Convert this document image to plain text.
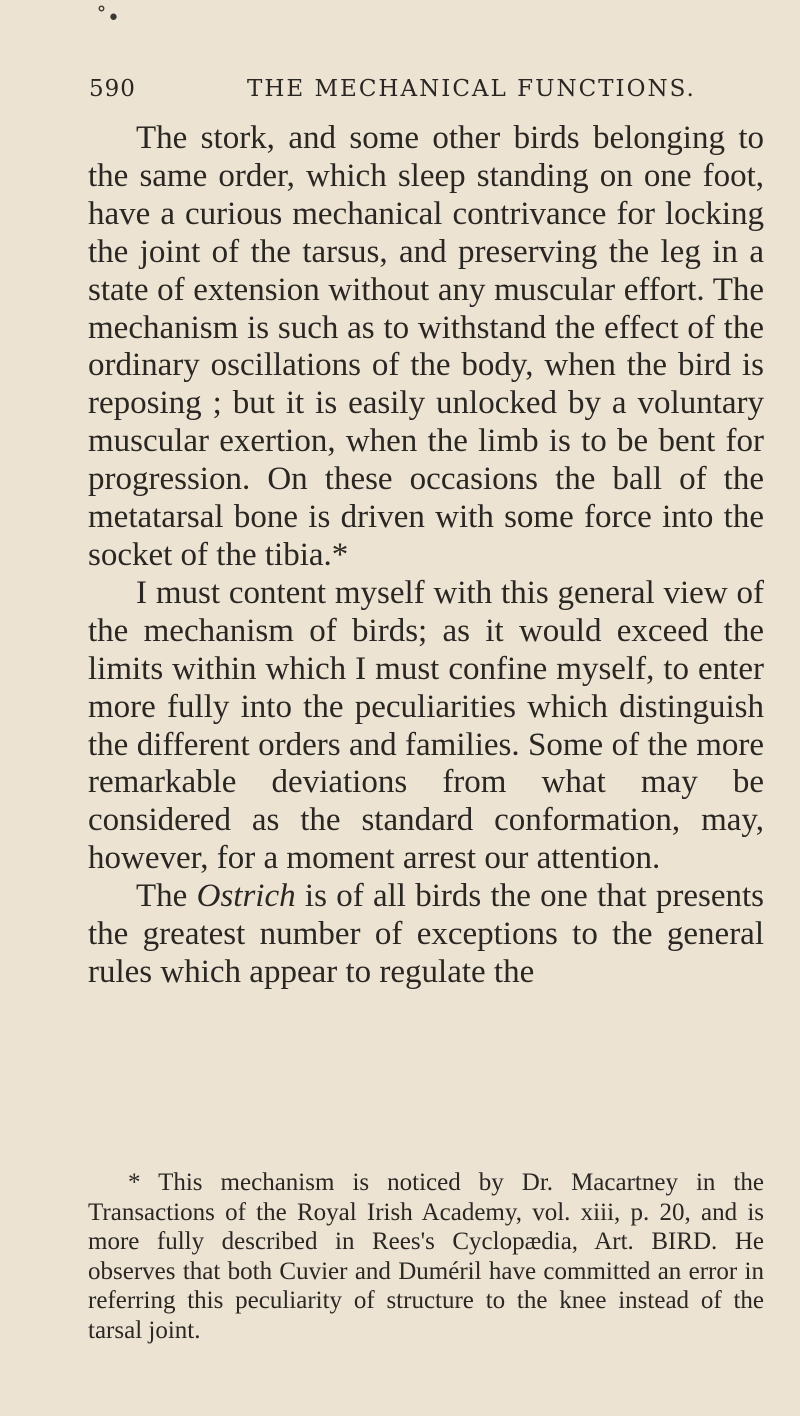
˚•
590	THE MECHANICAL FUNCTIONS.

The stork, and some other birds belonging to the same order, which sleep standing on one foot, have a curious mechanical contrivance for locking the joint of the tarsus, and preserving the leg in a state of extension without any muscular effort. The mechanism is such as to withstand the effect of the ordinary oscillations of the body, when the bird is reposing ; but it is easily unlocked by a voluntary muscular exertion, when the limb is to be bent for progression. On these occasions the ball of the metatarsal bone is driven with some force into the socket of the tibia.*

I must content myself with this general view of the mechanism of birds; as it would exceed the limits within which I must confine myself, to enter more fully into the peculiarities which distinguish the different orders and families. Some of the more remarkable deviations from what may be considered as the standard conformation, may, however, for a moment arrest our attention.

The Ostrich is of all birds the one that presents the greatest number of exceptions to the general rules which appear to regulate the

* This mechanism is noticed by Dr. Macartney in the Transactions of the Royal Irish Academy, vol. xiii, p. 20, and is more fully described in Rees's Cyclopædia, Art. BIRD. He observes that both Cuvier and Duméril have committed an error in referring this peculiarity of structure to the knee instead of the tarsal joint.
